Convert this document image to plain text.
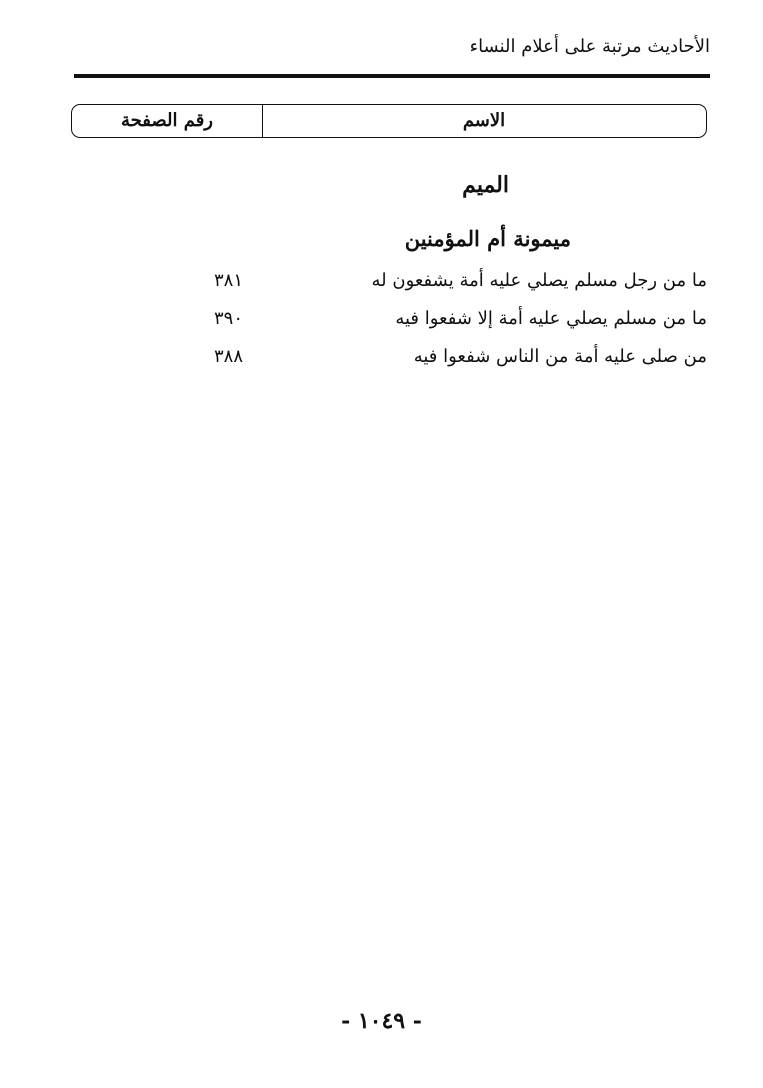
الأحاديث مرتبة على أعلام النساء
الاسم
رقم الصفحة
الميم
ميمونة أم المؤمنين
ما من رجل مسلم يصلي عليه أمة يشفعون له
٣٨١
ما من مسلم يصلي عليه أمة إلا شفعوا فيه
٣٩٠
من صلى عليه أمة من الناس شفعوا فيه
٣٨٨
- ١٠٤٩ -
